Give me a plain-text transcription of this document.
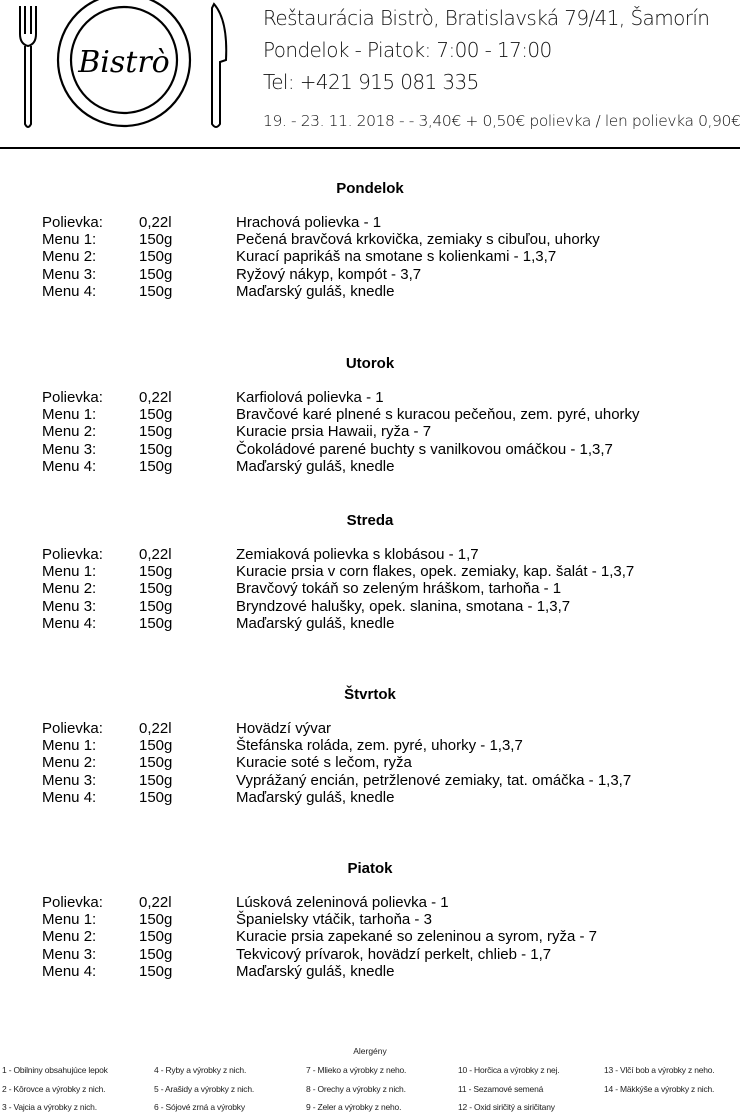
Bistrò
Reštaurácia Bistrò, Bratislavská 79/41, Šamorín
Pondelok - Piatok: 7:00 - 17:00
Tel: +421 915 081 335
19. - 23. 11. 2018 - - 3,40€ + 0,50€ polievka / len polievka 0,90€
Pondelok
Polievka: 0,22l	Hrachová polievka - 1
Menu 1:	150g	Pečená bravčová krkovička, zemiaky s cibuľou, uhorky
Menu 2:	150g	Kurací paprikáš na smotane s kolienkami - 1,3,7
Menu 3:	150g	Ryžový nákyp, kompót - 3,7
Menu 4:	150g	Maďarský guláš, knedle
Utorok
Polievka: 0,22l	Karfiolová polievka - 1
Menu 1:	150g	Bravčové karé plnené s kuracou pečeňou, zem. pyré, uhorky
Menu 2:	150g	Kuracie prsia Hawaii, ryža - 7
Menu 3:	150g	Čokoládové parené buchty s vanilkovou omáčkou - 1,3,7
Menu 4:	150g	Maďarský guláš, knedle
Streda
Polievka: 0,22l	Zemiaková polievka s klobásou - 1,7
Menu 1:	150g	Kuracie prsia v corn flakes, opek. zemiaky, kap. šalát - 1,3,7
Menu 2:	150g	Bravčový tokáň so zeleným hráškom, tarhoňa - 1
Menu 3:	150g	Bryndzové halušky, opek. slanina, smotana - 1,3,7
Menu 4:	150g	Maďarský guláš, knedle
Štvrtok
Polievka: 0,22l	Hovädzí vývar
Menu 1:	150g	Štefánska roláda, zem. pyré, uhorky - 1,3,7
Menu 2:	150g	Kuracie soté s lečom, ryža
Menu 3:	150g	Vyprážaný encián, petržlenové zemiaky, tat. omáčka - 1,3,7
Menu 4:	150g	Maďarský guláš, knedle
Piatok
Polievka: 0,22l	Lúsková zeleninová polievka - 1
Menu 1:	150g	Španielsky vtáčik, tarhoňa - 3
Menu 2:	150g	Kuracie prsia zapekané so zeleninou a syrom, ryža - 7
Menu 3:	150g	Tekvicový prívarok, hovädzí perkelt, chlieb - 1,7
Menu 4:	150g	Maďarský guláš, knedle
Alergény
1 - Obilniny obsahujúce lepok
2 - Kôrovce a výrobky z nich.
3 - Vajcia a výrobky z nich.
4 - Ryby a výrobky z nich.
5 - Arašidy a výrobky z nich.
6 - Sójové zrná a výrobky
7 - Mlieko a výrobky z neho.
8 - Orechy a výrobky z nich.
9 - Zeler a výrobky z neho.
10 - Horčica a výrobky z nej.
11 - Sezamové semená
12 - Oxid siričitý a siričitany
13 - Vlčí bob a výrobky z neho.
14 - Mäkkýše a výrobky z nich.
